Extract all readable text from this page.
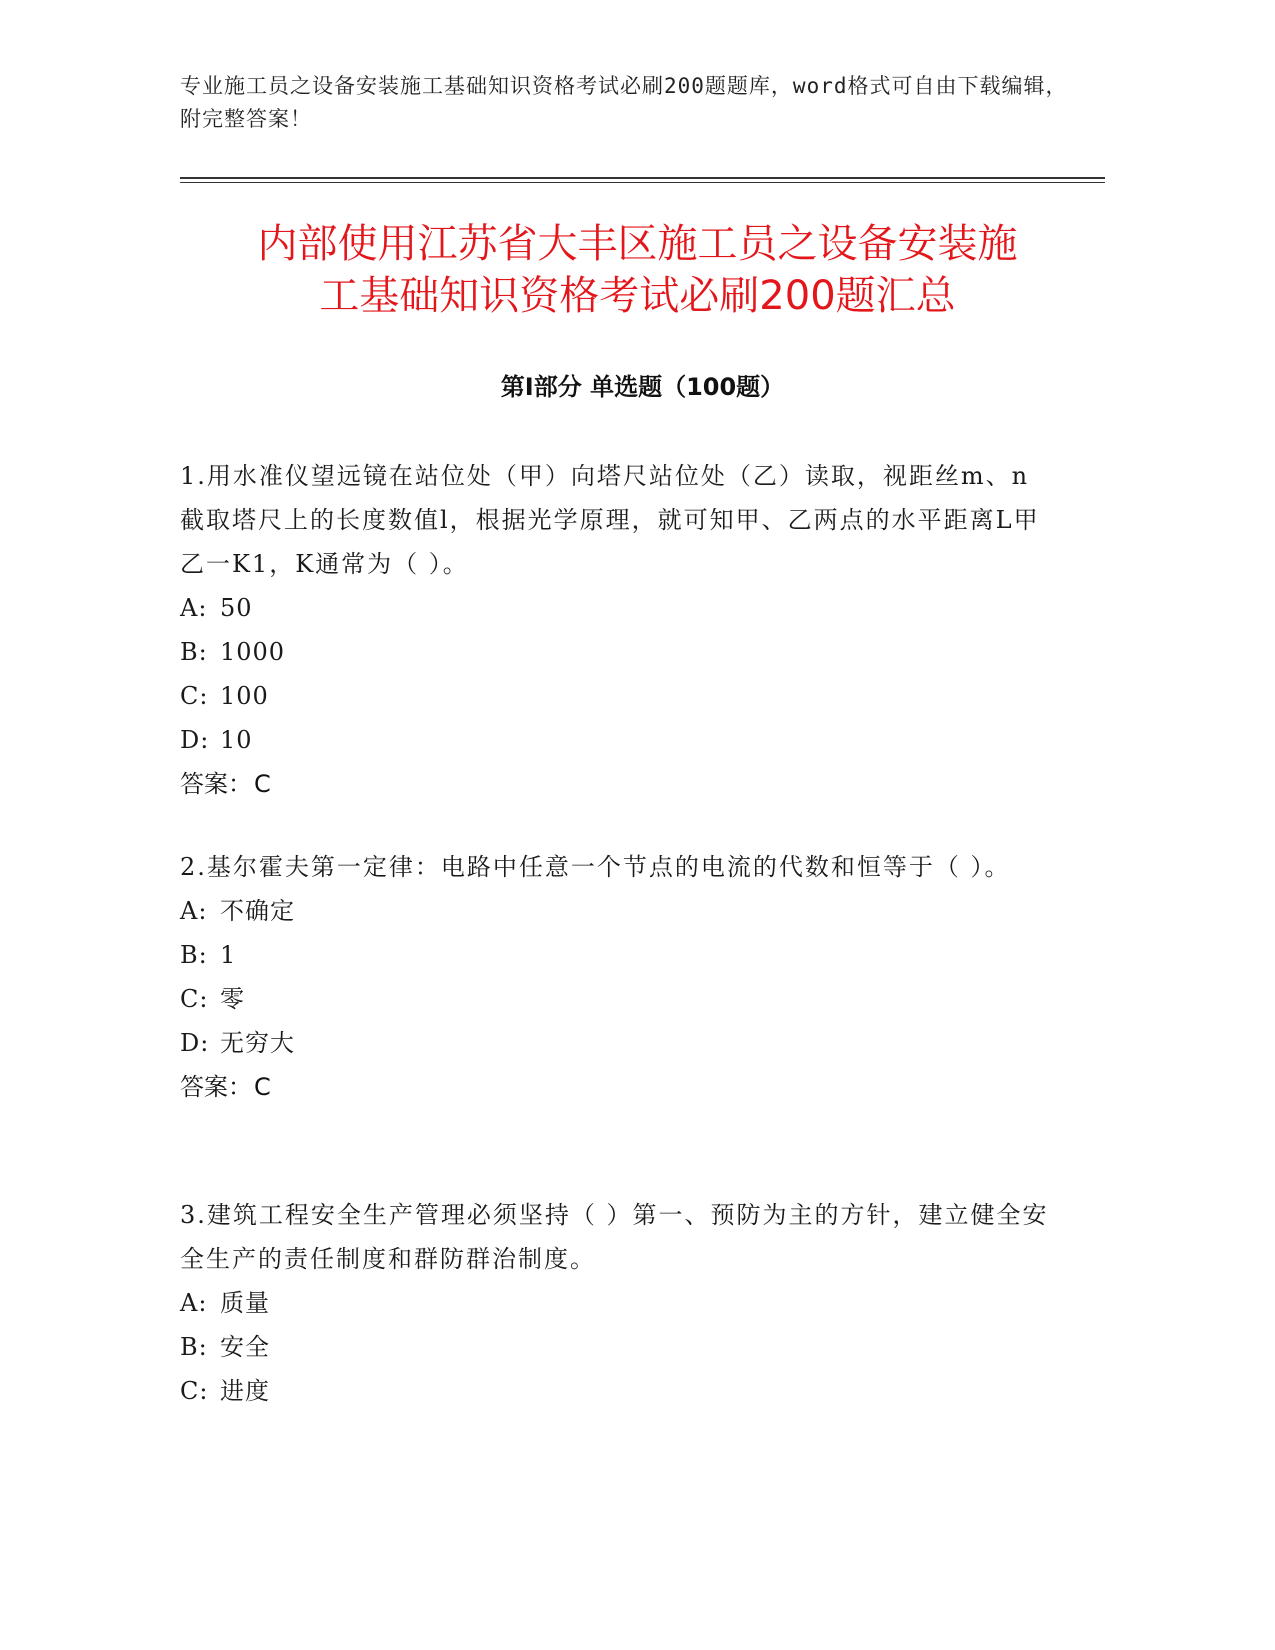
专业施工员之设备安装施工基础知识资格考试必刷200题题库，word格式可自由下载编辑，附完整答案！
内部使用江苏省大丰区施工员之设备安装施
工基础知识资格考试必刷200题汇总
第Ⅰ部分 单选题（100题）
1.用水准仪望远镜在站位处（甲）向塔尺站位处（乙）读取，视距丝m、n截取塔尺上的长度数值l，根据光学原理，就可知甲、乙两点的水平距离L甲乙一K1，K通常为（ ）。
A: 50
B: 1000
C: 100
D: 10
答案：C
2.基尔霍夫第一定律：电路中任意一个节点的电流的代数和恒等于（ ）。
A: 不确定
B: 1
C: 零
D: 无穷大
答案：C
3.建筑工程安全生产管理必须坚持（ ）第一、预防为主的方针，建立健全安全生产的责任制度和群防群治制度。
A: 质量
B: 安全
C: 进度
